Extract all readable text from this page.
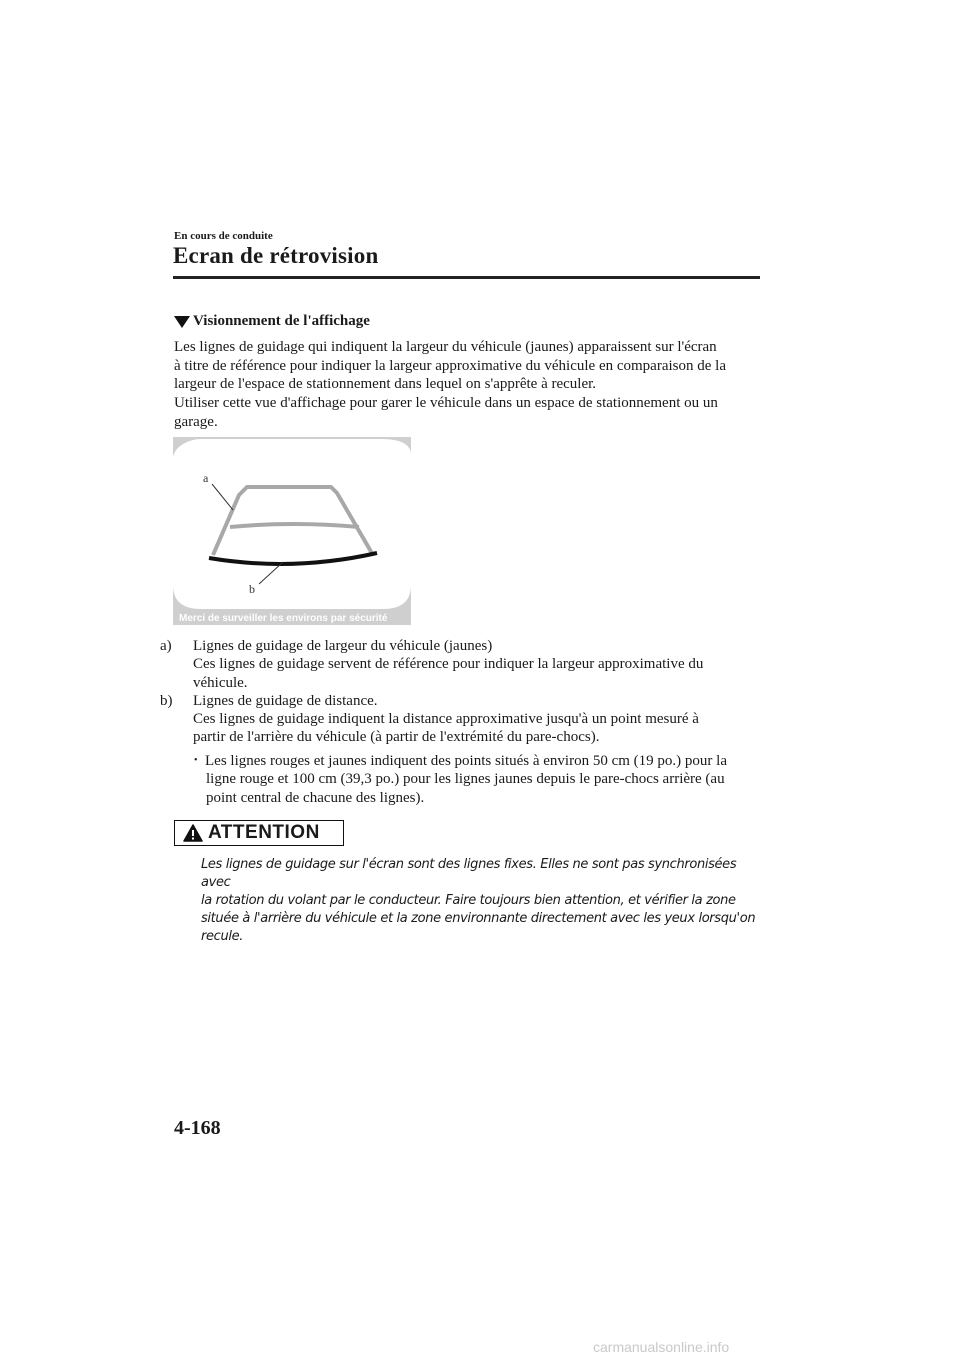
En cours de conduite
Ecran de rétrovision
Visionnement de l'affichage
Les lignes de guidage qui indiquent la largeur du véhicule (jaunes) apparaissent sur l'écran
à titre de référence pour indiquer la largeur approximative du véhicule en comparaison de la
largeur de l'espace de stationnement dans lequel on s'apprête à reculer.
Utiliser cette vue d'affichage pour garer le véhicule dans un espace de stationnement ou un
garage.
a
b
Merci de surveiller les environs par sécurité
a)	Lignes de guidage de largeur du véhicule (jaunes)
Ces lignes de guidage servent de référence pour indiquer la largeur approximative du
véhicule.
b)	Lignes de guidage de distance.
Ces lignes de guidage indiquent la distance approximative jusqu'à un point mesuré à
partir de l'arrière du véhicule (à partir de l'extrémité du pare-chocs).
• Les lignes rouges et jaunes indiquent des points situés à environ 50 cm (19 po.) pour la
ligne rouge et 100 cm (39,3 po.) pour les lignes jaunes depuis le pare-chocs arrière (au
point central de chacune des lignes).
ATTENTION
Les lignes de guidage sur l'écran sont des lignes fixes. Elles ne sont pas synchronisées avec
la rotation du volant par le conducteur. Faire toujours bien attention, et vérifier la zone
située à l'arrière du véhicule et la zone environnante directement avec les yeux lorsqu'on
recule.
4-168
carmanualsonline.info
